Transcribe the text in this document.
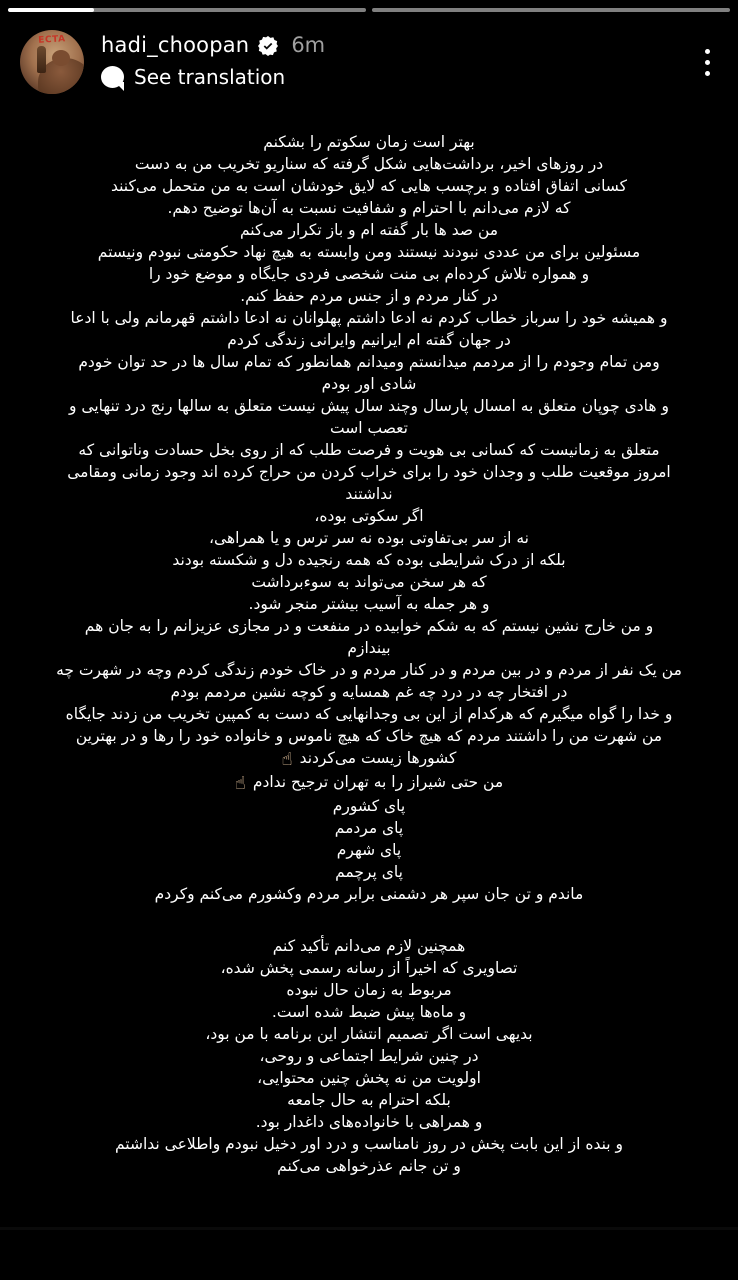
ECTA	hadi_choopan 6m
See translation
بهتر است زمان سکوتم را بشکنم
در روزهای اخیر، برداشت‌هایی شکل گرفته که سناریو تخریب من به دست
کسانی اتفاق افتاده و برچسب هایی که لایق خودشان است به من متحمل می‌کنند
که لازم می‌دانم با احترام و شفافیت نسبت به آن‌ها توضیح دهم.
من صد ها بار گفته ام و باز تکرار می‌کنم
مسئولین برای من عددی نبودند نیستند ومن وابسته به هیچ نهاد حکومتی نبودم ونیستم
و همواره تلاش کرده‌ام بی منت شخصی فردی جایگاه و موضع خود را
در کنار مردم و از جنس مردم حفظ کنم.
و همیشه خود را سرباز خطاب کردم نه ادعا داشتم پهلوانان نه ادعا داشتم قهرمانم ولی با ادعا
در جهان گفته ام ایرانیم وایرانی زندگی کردم
ومن تمام وجودم را از مردمم میدانستم ومیدانم همانطور که تمام سال ها در حد توان خودم
شادی اور بودم
و هادی چوپان متعلق به امسال پارسال وچند سال پیش نیست متعلق به سالها رنج درد تنهایی و
تعصب است
متعلق به زمانیست که کسانی بی هویت و فرصت طلب که از روی بخل حسادت وناتوانی که
امروز موقعیت طلب و وجدان خود را برای خراب کردن من حراج کرده اند وجود زمانی ومقامی
نداشتند
اگر سکوتی بوده،
نه از سر بی‌تفاوتی بوده نه سر ترس و یا همراهی،
بلکه از درک شرایطی بوده که همه رنجیده دل و شکسته بودند
که هر سخن می‌تواند به سوءبرداشت
و هر جمله به آسیب بیشتر منجر شود.
و من خارج نشین نیستم که به شکم خوابیده در منفعت و در مجازی عزیزانم را به جان هم
بیندازم
من یک نفر از مردم و در بین مردم و در کنار مردم و در خاک خودم زندگی کردم وچه در شهرت چه
در افتخار چه در درد چه غم همسایه و کوچه نشین مردمم بودم
و خدا را گواه میگیرم که هرکدام از این بی وجدانهایی که دست به کمپین تخریب من زدند جایگاه
من شهرت من را داشتند مردم که هیچ خاک که هیچ ناموس و خانواده خود را رها و در بهترین
کشورها زیست می‌کردند☝
من حتی شیراز را به تهران ترجیح ندادم☝
پای کشورم
پای مردمم
پای شهرم
پای پرچمم
ماندم و تن جان سپر هر دشمنی برابر مردم وکشورم می‌کنم وکردم
همچنین لازم می‌دانم تأکید کنم
تصاویری که اخیراً از رسانه رسمی پخش شده،
مربوط به زمان حال نبوده
و ماه‌ها پیش ضبط شده است.
بدیهی است اگر تصمیم انتشار این برنامه با من بود،
در چنین شرایط اجتماعی و روحی،
اولویت من نه پخش چنین محتوایی،
بلکه احترام به حال جامعه
و همراهی با خانواده‌های داغدار بود.
و بنده از این بابت پخش در روز نامناسب و درد اور دخیل نبودم واطلاعی نداشتم
و تن جانم عذرخواهی می‌کنم
